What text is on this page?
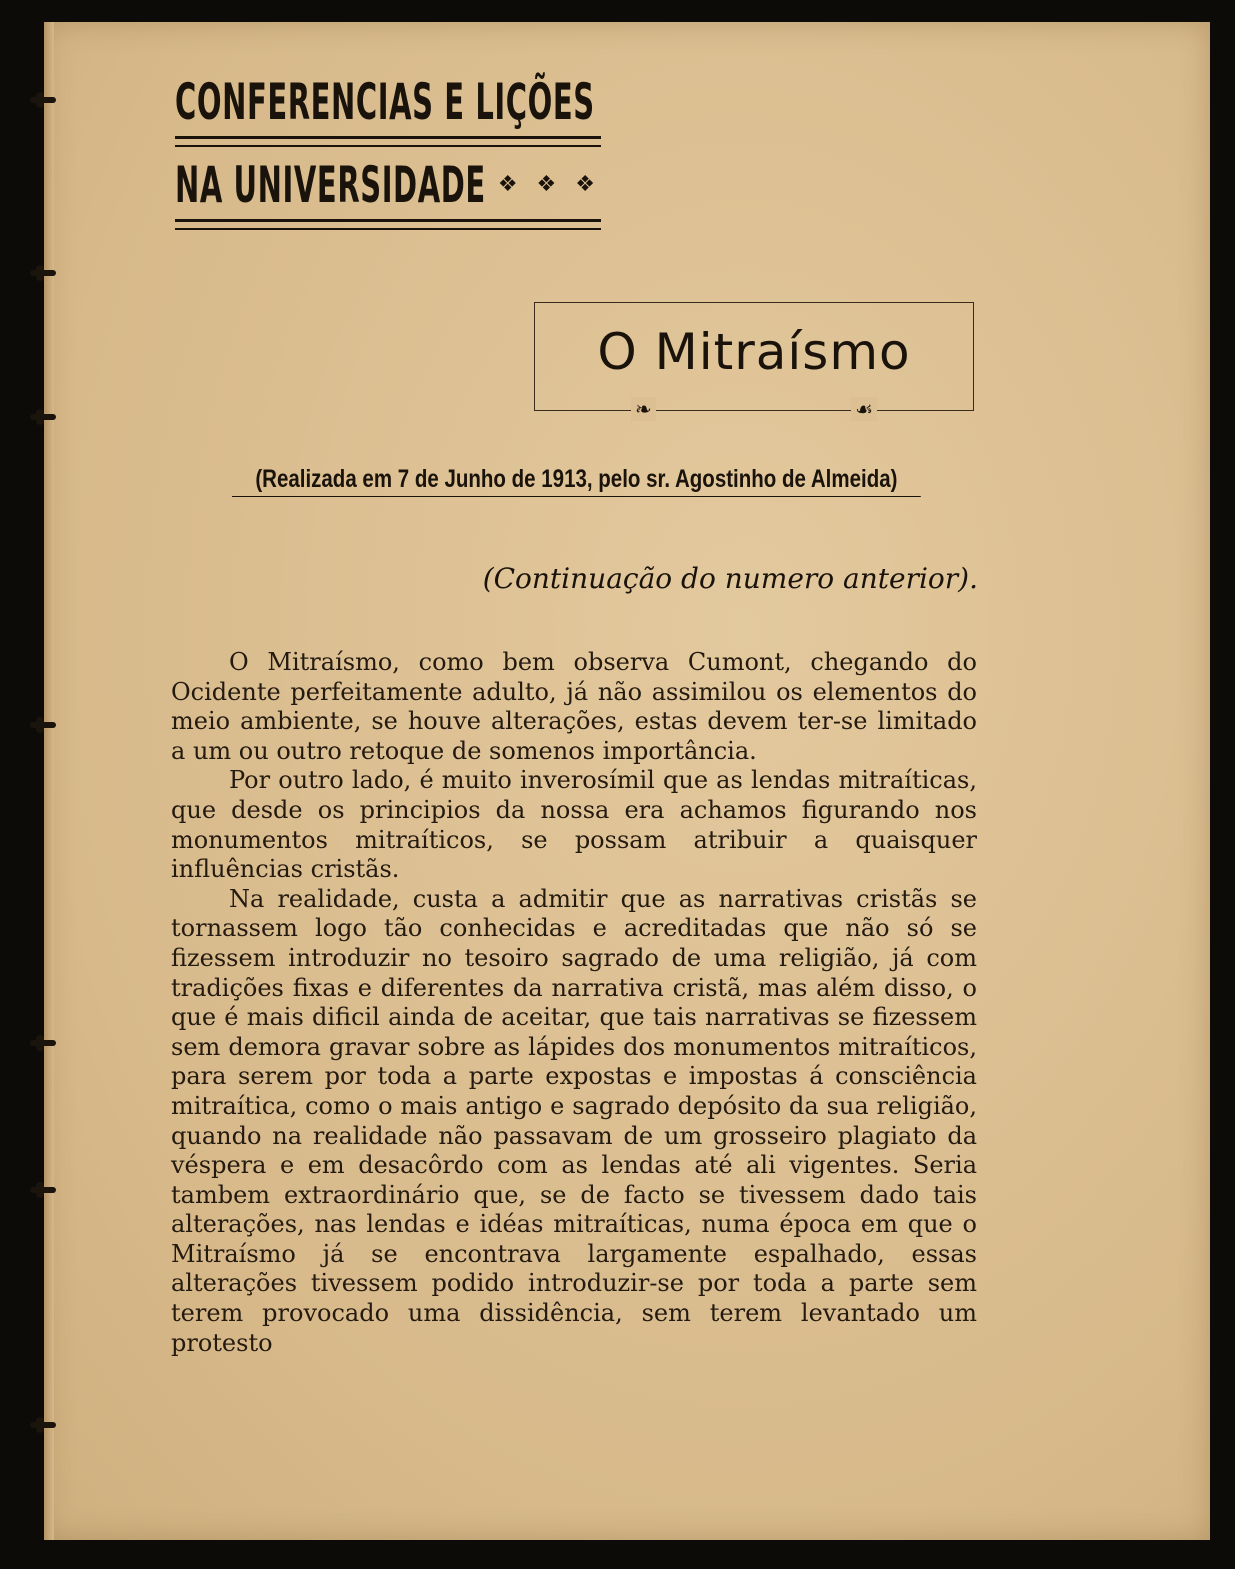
CONFERENCIAS E LIÇÕES
NA UNIVERSIDADE ❖ ❖ ❖
O Mitraísmo
❧	☙
(Realizada em 7 de Junho de 1913, pelo sr. Agostinho de Almeida)
(Continuação do numero anterior).

O Mitraísmo, como bem observa Cumont, chegando do Ocidente perfeitamente adulto, já não assimilou os elementos do meio ambiente, se houve alterações, estas devem ter-se limitado a um ou outro retoque de somenos importância.

Por outro lado, é muito inverosímil que as lendas mitraíticas, que desde os principios da nossa era achamos figurando nos monumentos mitraíticos, se possam atribuir a quaisquer influências cristãs.

Na realidade, custa a admitir que as narrativas cristãs se tornassem logo tão conhecidas e acreditadas que não só se fizessem introduzir no tesoiro sagrado de uma religião, já com tradições fixas e diferentes da narrativa cristã, mas além disso, o que é mais dificil ainda de aceitar, que tais narrativas se fizessem sem demora gravar sobre as lápides dos monumentos mitraíticos, para serem por toda a parte expostas e impostas á consciência mitraítica, como o mais antigo e sagrado depósito da sua religião, quando na realidade não passavam de um grosseiro plagiato da véspera e em desacôrdo com as lendas até ali vigentes. Seria tambem extraordinário que, se de facto se tivessem dado tais alterações, nas lendas e idéas mitraíticas, numa época em que o Mitraísmo já se encontrava largamente espalhado, essas alterações tivessem podido introduzir-se por toda a parte sem terem provocado uma dissidência, sem terem levantado um protesto
